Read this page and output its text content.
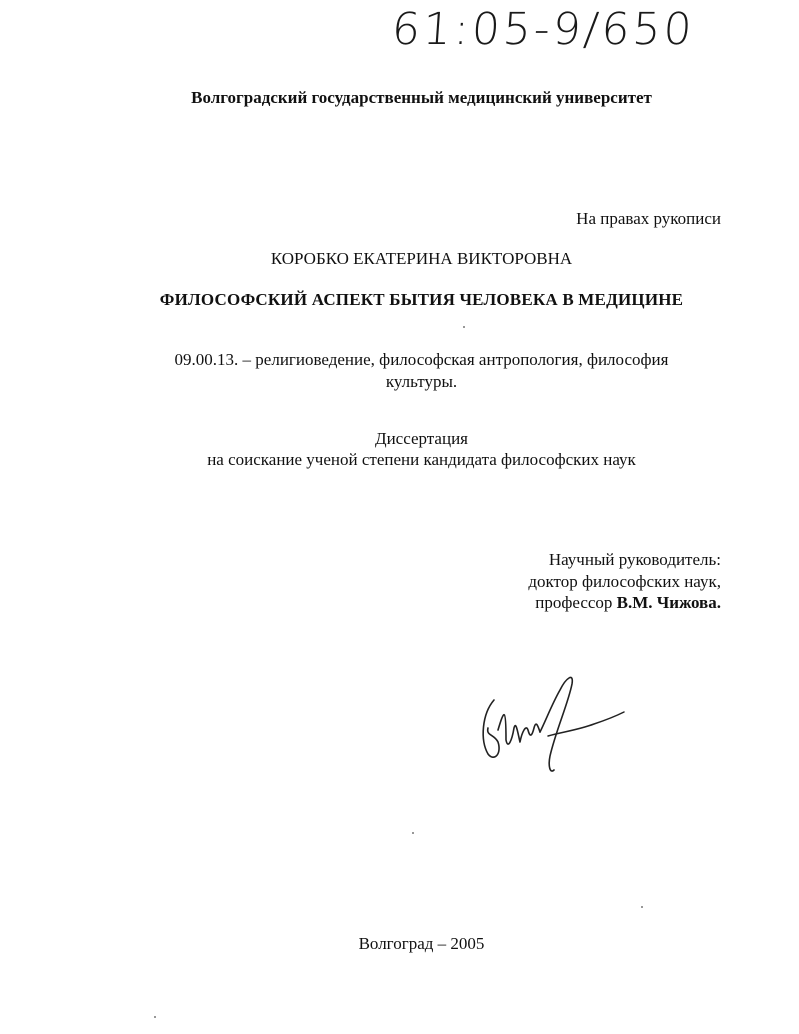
61:05-9/650
Волгоградский государственный медицинский университет
На правах рукописи
КОРОБКО ЕКАТЕРИНА ВИКТОРОВНА
ФИЛОСОФСКИЙ АСПЕКТ БЫТИЯ ЧЕЛОВЕКА В МЕДИЦИНЕ
09.00.13. – религиоведение, философская антропология, философия
культуры.
Диссертация
на соискание ученой степени кандидата философских наук
Научный руководитель:
доктор философских наук,
профессор В.М. Чижова.
Волгоград – 2005
